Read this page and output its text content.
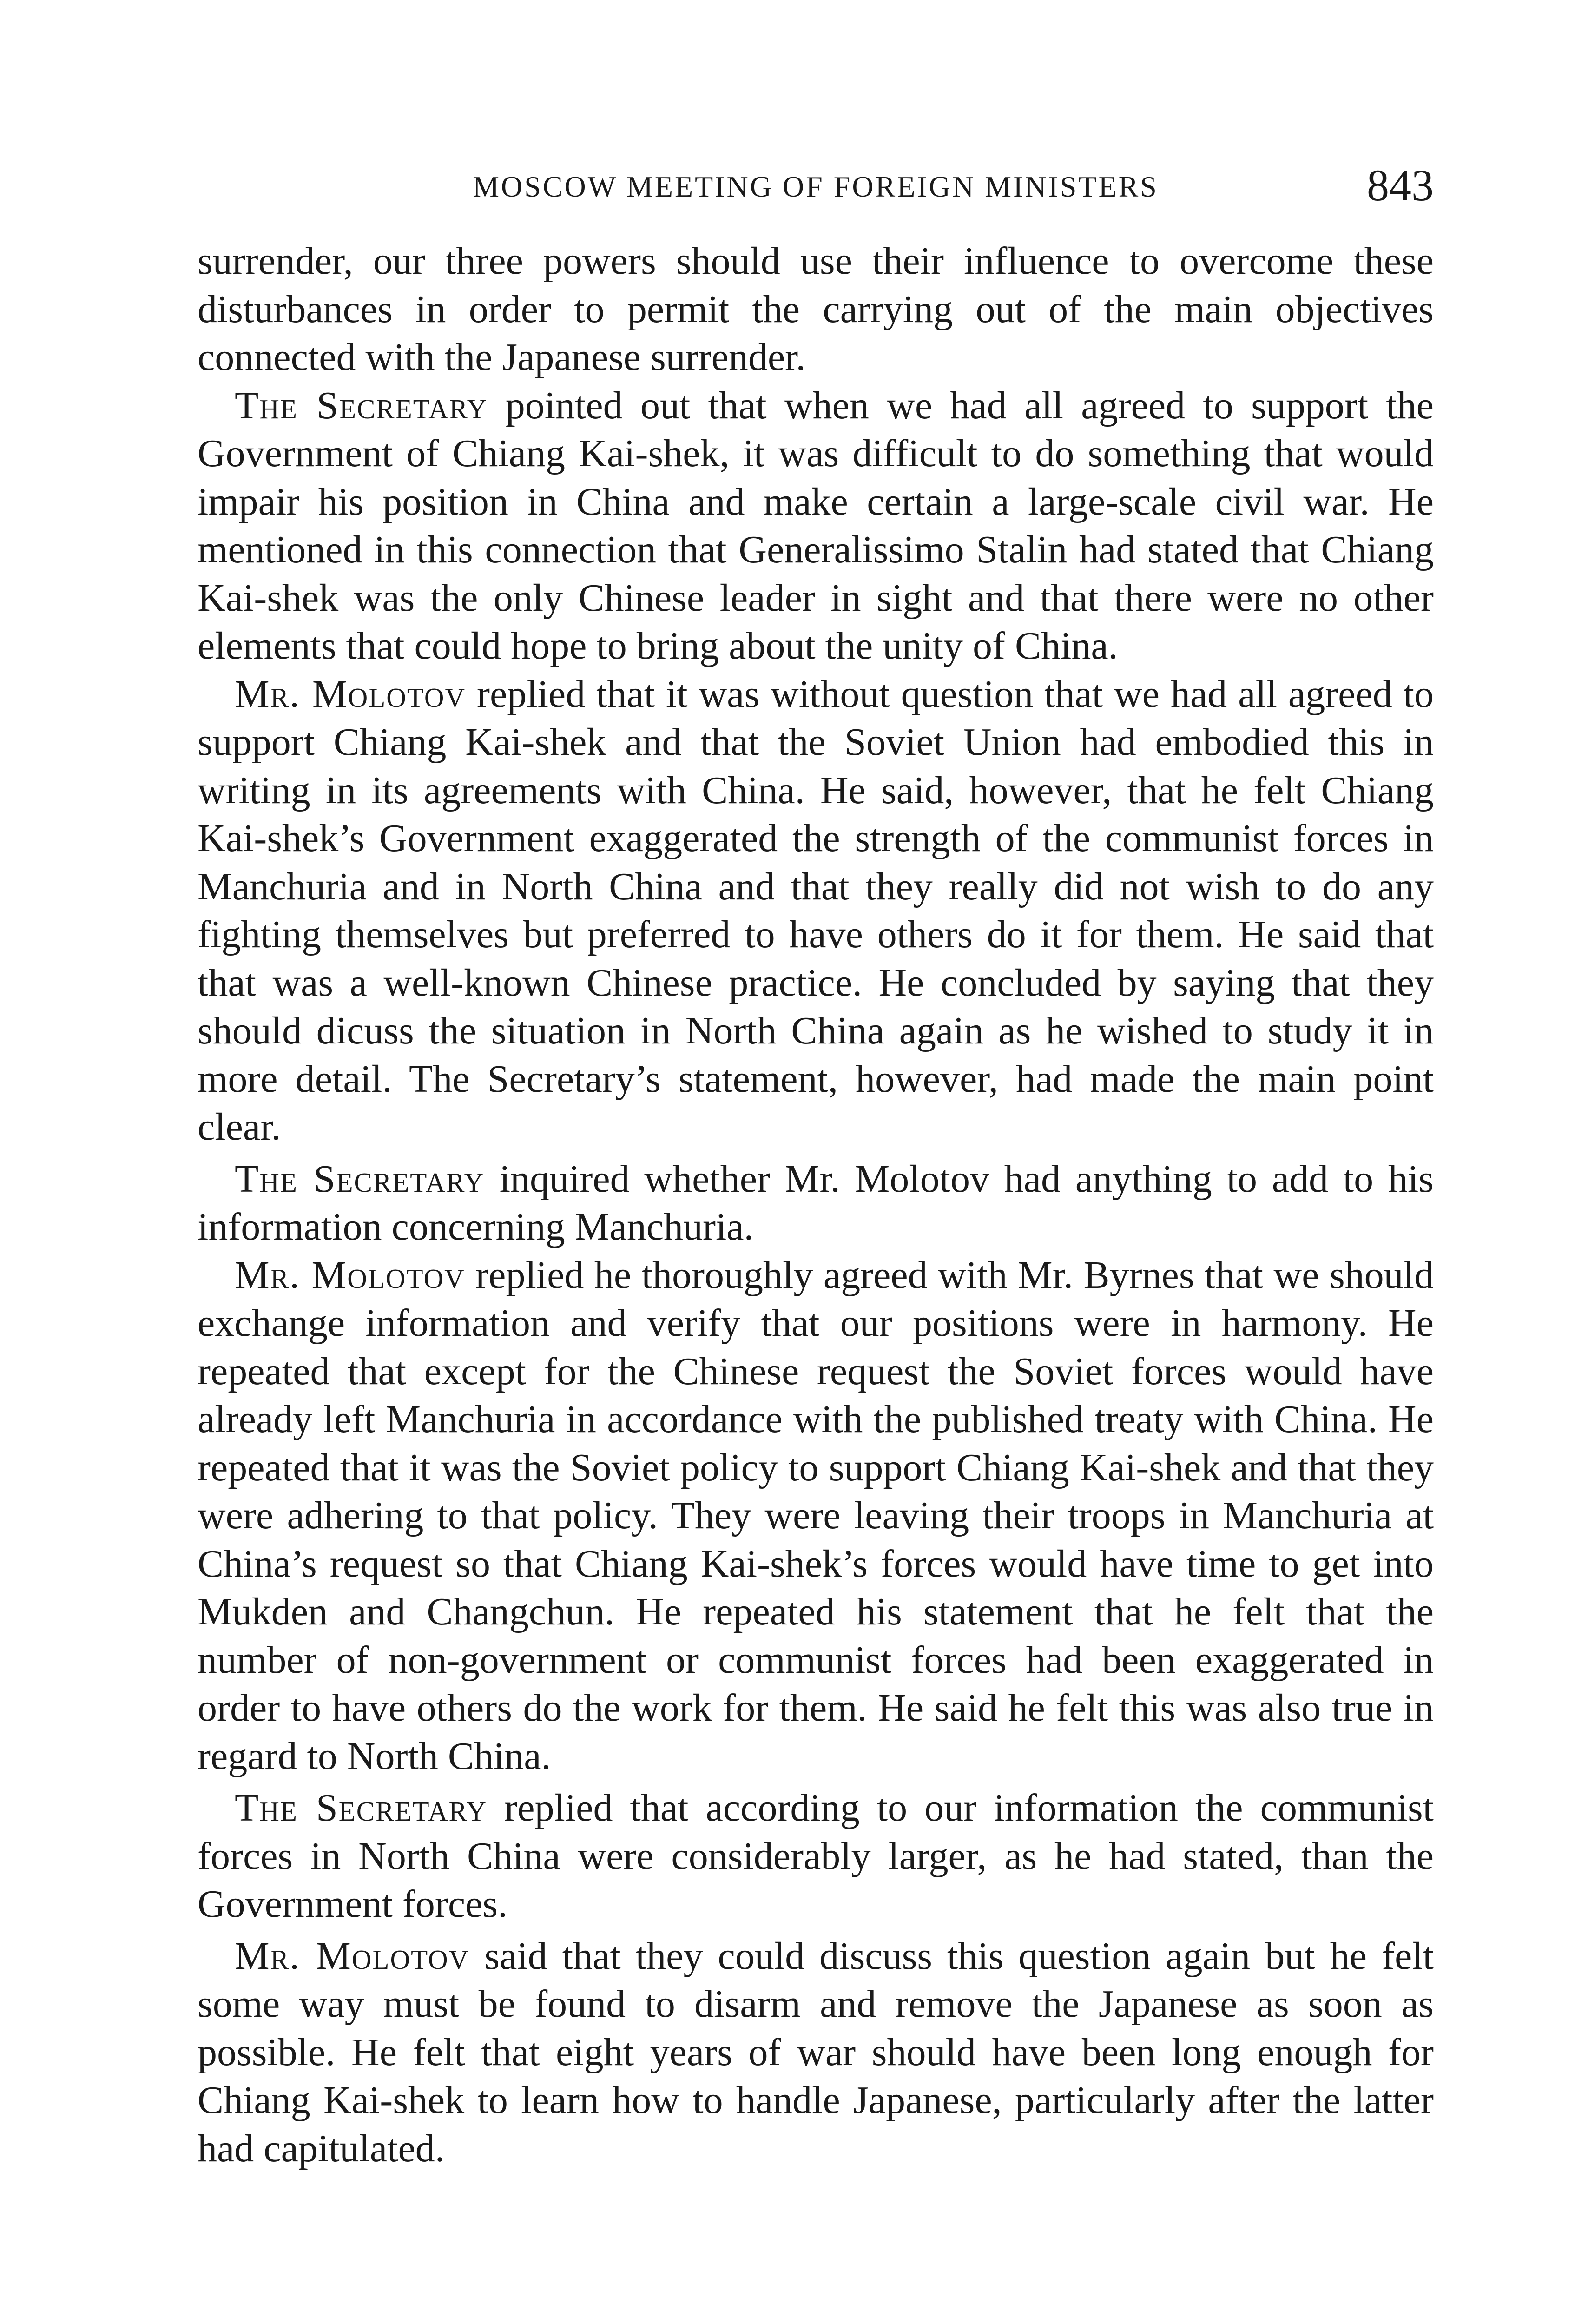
MOSCOW MEETING OF FOREIGN MINISTERS	843

surrender, our three powers should use their influence to overcome these disturbances in order to permit the carrying out of the main objectives connected with the Japanese surrender.

The Secretary pointed out that when we had all agreed to support the Government of Chiang Kai-shek, it was difficult to do something that would impair his position in China and make certain a large-scale civil war. He mentioned in this connection that Generalissimo Stalin had stated that Chiang Kai-shek was the only Chinese leader in sight and that there were no other elements that could hope to bring about the unity of China.

Mr. Molotov replied that it was without question that we had all agreed to support Chiang Kai-shek and that the Soviet Union had embodied this in writing in its agreements with China. He said, however, that he felt Chiang Kai-shek’s Government exaggerated the strength of the communist forces in Manchuria and in North China and that they really did not wish to do any fighting themselves but preferred to have others do it for them. He said that that was a well-known Chinese practice. He concluded by saying that they should dicuss the situation in North China again as he wished to study it in more detail. The Secretary’s statement, however, had made the main point clear.

The Secretary inquired whether Mr. Molotov had anything to add to his information concerning Manchuria.

Mr. Molotov replied he thoroughly agreed with Mr. Byrnes that we should exchange information and verify that our positions were in harmony. He repeated that except for the Chinese request the Soviet forces would have already left Manchuria in accordance with the published treaty with China. He repeated that it was the Soviet policy to support Chiang Kai-shek and that they were adhering to that policy. They were leaving their troops in Manchuria at China’s request so that Chiang Kai-shek’s forces would have time to get into Mukden and Changchun. He repeated his statement that he felt that the number of non-government or communist forces had been exaggerated in order to have others do the work for them. He said he felt this was also true in regard to North China.

The Secretary replied that according to our information the communist forces in North China were considerably larger, as he had stated, than the Government forces.

Mr. Molotov said that they could discuss this question again but he felt some way must be found to disarm and remove the Japanese as soon as possible. He felt that eight years of war should have been long enough for Chiang Kai-shek to learn how to handle Japanese, particularly after the latter had capitulated.
